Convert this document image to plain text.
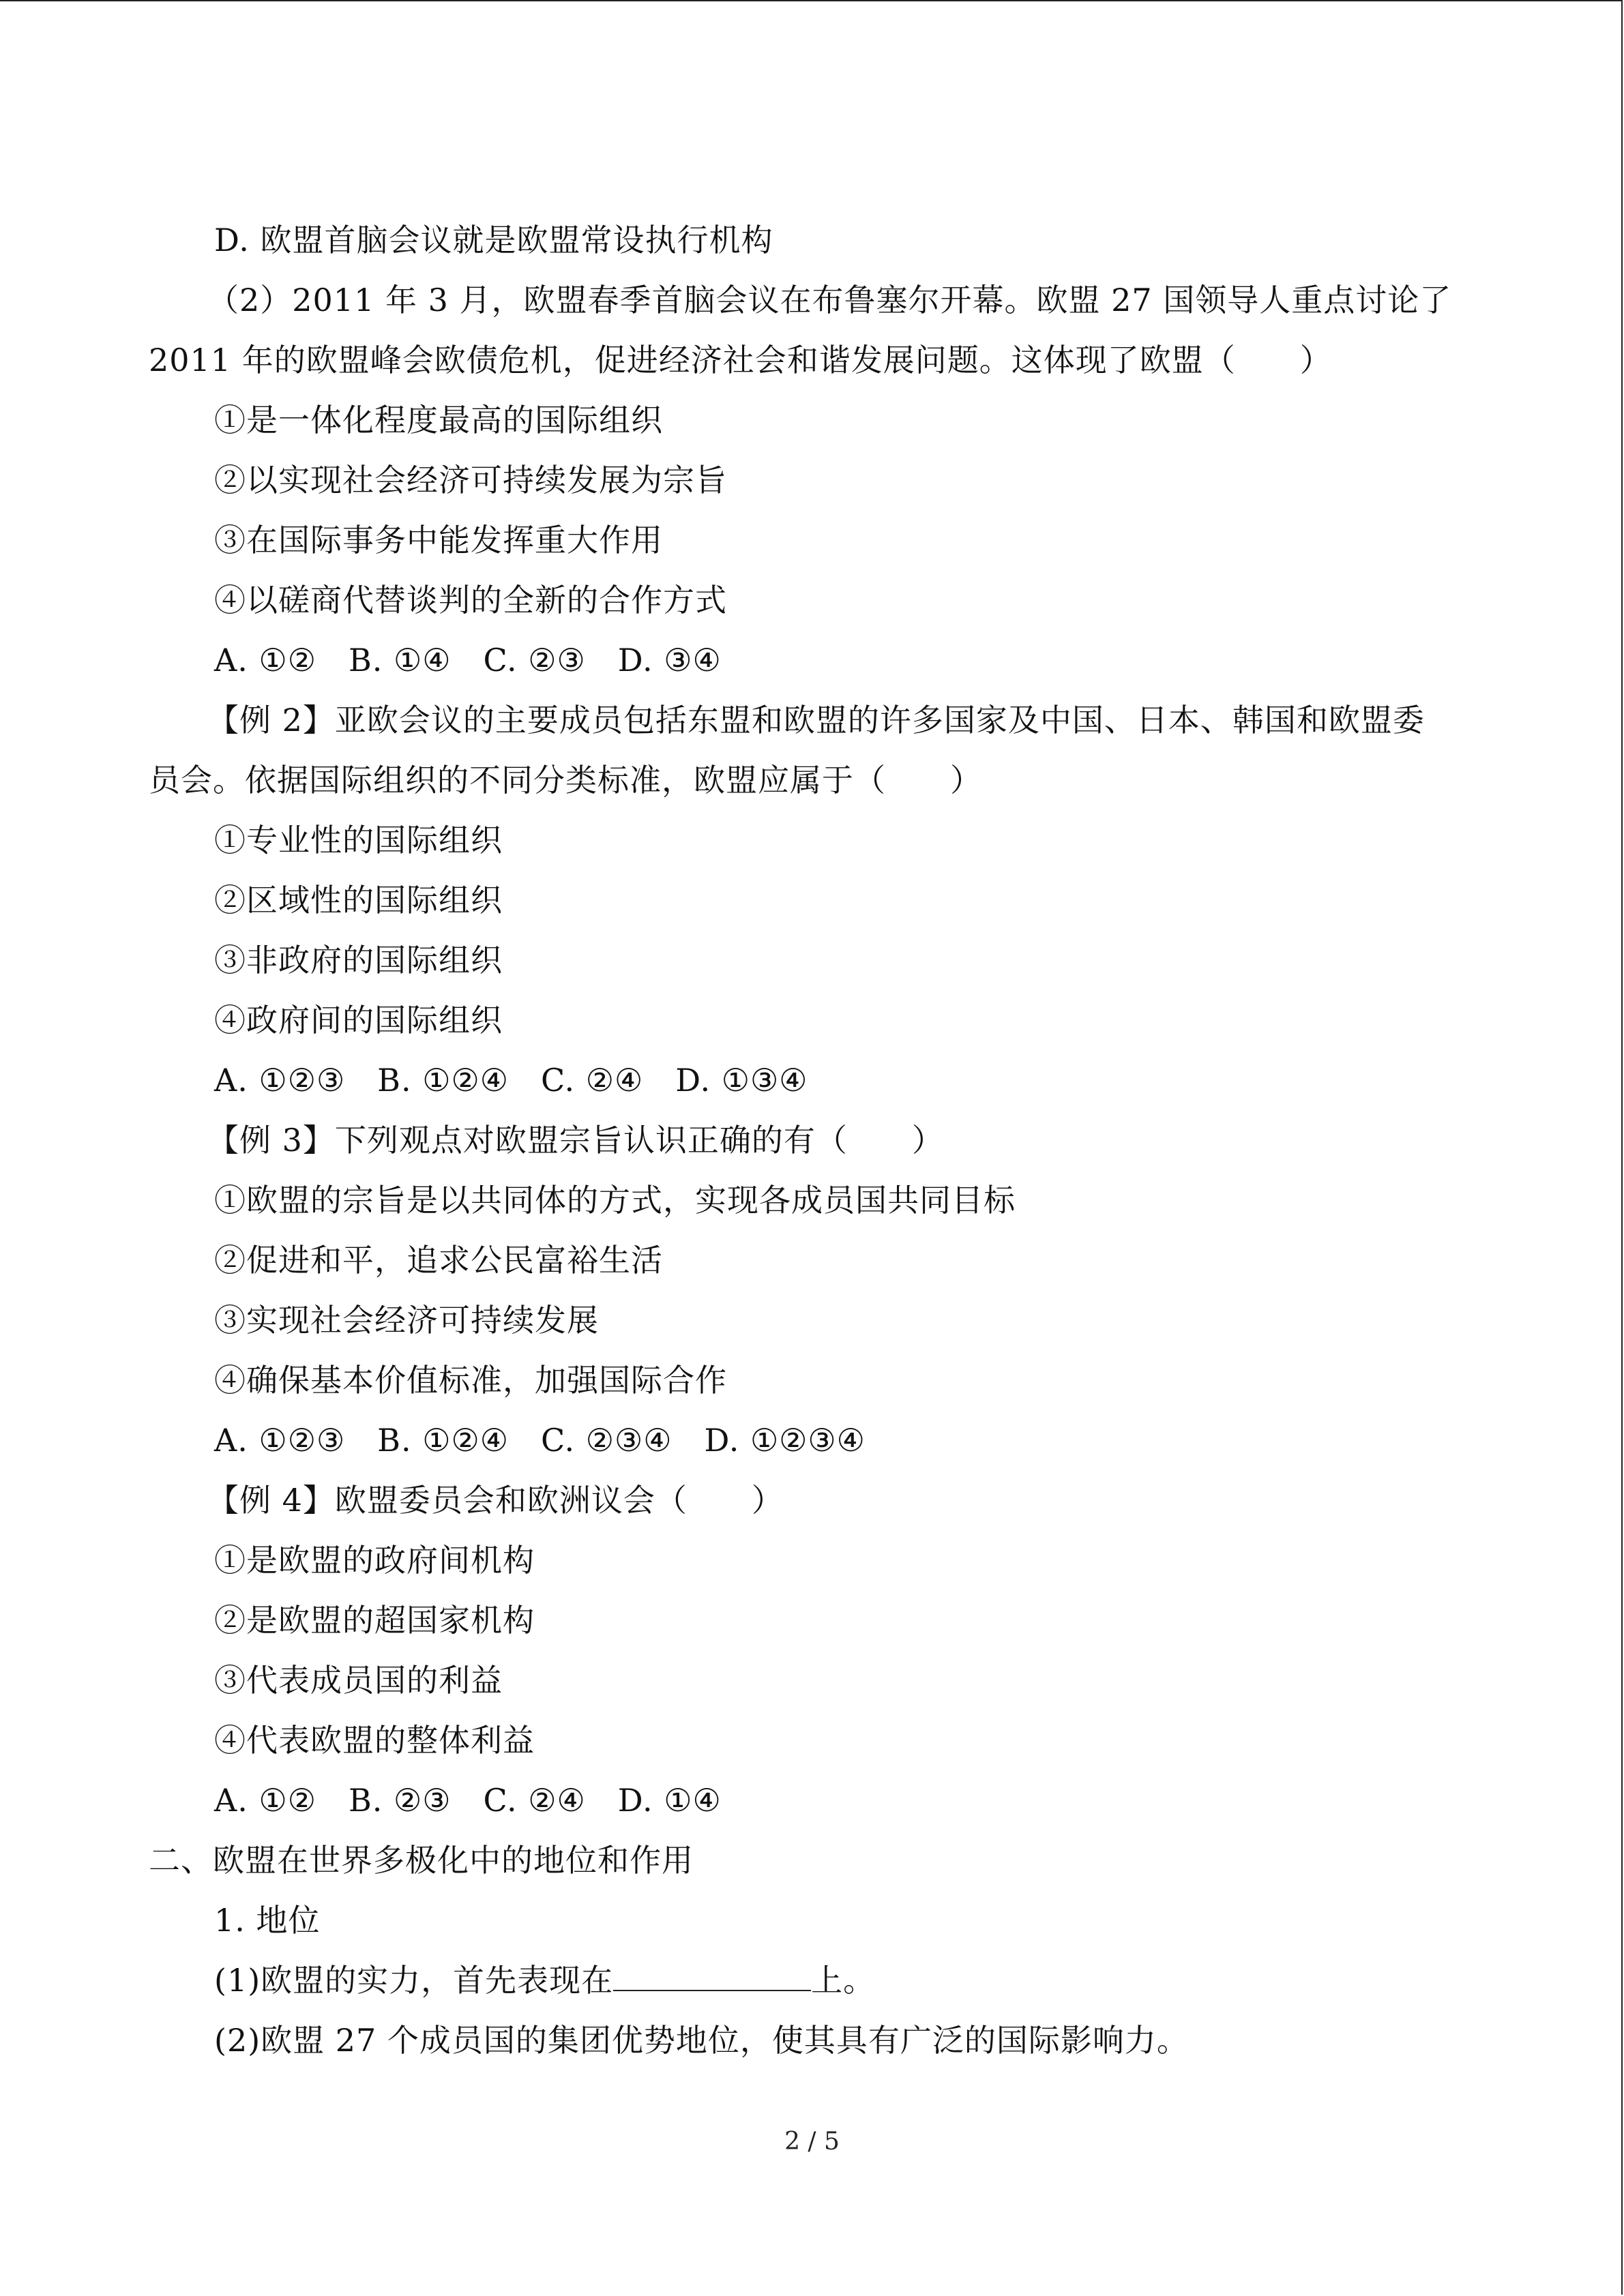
D. 欧盟首脑会议就是欧盟常设执行机构
（2）2011 年 3 月，欧盟春季首脑会议在布鲁塞尔开幕。欧盟 27 国领导人重点讨论了
2011 年的欧盟峰会欧债危机，促进经济社会和谐发展问题。这体现了欧盟（　　）
①是一体化程度最高的国际组织
②以实现社会经济可持续发展为宗旨
③在国际事务中能发挥重大作用
④以磋商代替谈判的全新的合作方式
A. ①②　B. ①④　C. ②③　D. ③④
【例 2】亚欧会议的主要成员包括东盟和欧盟的许多国家及中国、日本、韩国和欧盟委
员会。依据国际组织的不同分类标准，欧盟应属于（　　）
①专业性的国际组织
②区域性的国际组织
③非政府的国际组织
④政府间的国际组织
A. ①②③　B. ①②④　C. ②④　D. ①③④
【例 3】下列观点对欧盟宗旨认识正确的有（　　）
①欧盟的宗旨是以共同体的方式，实现各成员国共同目标
②促进和平，追求公民富裕生活
③实现社会经济可持续发展
④确保基本价值标准，加强国际合作
A. ①②③　B. ①②④　C. ②③④　D. ①②③④
【例 4】欧盟委员会和欧洲议会（　　）
①是欧盟的政府间机构
②是欧盟的超国家机构
③代表成员国的利益
④代表欧盟的整体利益
A. ①②　B. ②③　C. ②④　D. ①④
二、欧盟在世界多极化中的地位和作用
1. 地位
(1)欧盟的实力，首先表现在	上。
(2)欧盟 27 个成员国的集团优势地位，使其具有广泛的国际影响力。
2 / 5
